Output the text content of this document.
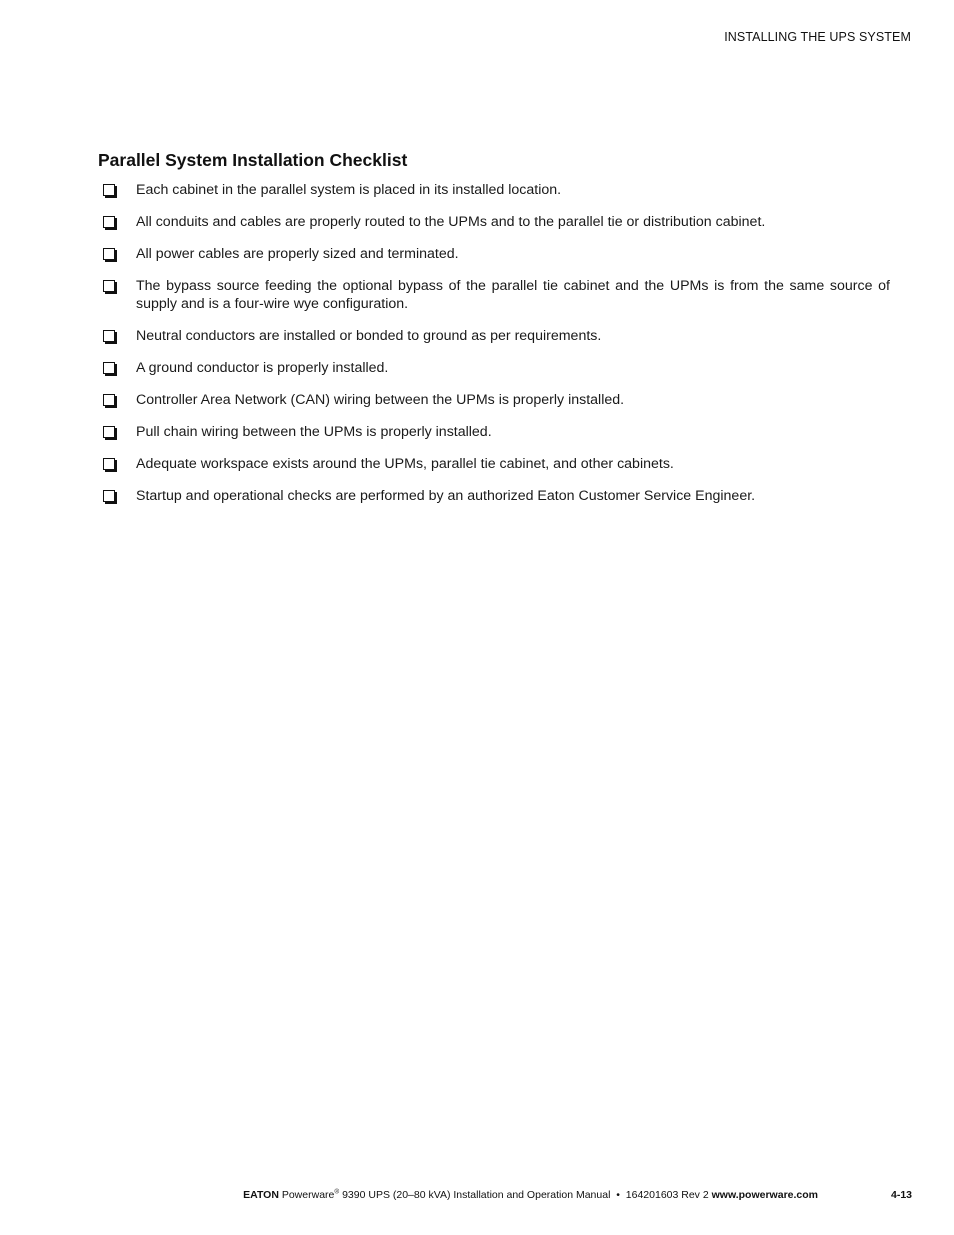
INSTALLING THE UPS SYSTEM
Parallel System Installation Checklist
Each cabinet in the parallel system is placed in its installed location.
All conduits and cables are properly routed to the UPMs and to the parallel tie or distribution cabinet.
All power cables are properly sized and terminated.
The bypass source feeding the optional bypass of the parallel tie cabinet and the UPMs is from the same source of supply and is a four-wire wye configuration.
Neutral conductors are installed or bonded to ground as per requirements.
A ground conductor is properly installed.
Controller Area Network (CAN) wiring between the UPMs is properly installed.
Pull chain wiring between the UPMs is properly installed.
Adequate workspace exists around the UPMs, parallel tie cabinet, and other cabinets.
Startup and operational checks are performed by an authorized Eaton Customer Service Engineer.
EATON Powerware® 9390 UPS (20–80 kVA) Installation and Operation Manual • 164201603 Rev 2 www.powerware.com	4-13
